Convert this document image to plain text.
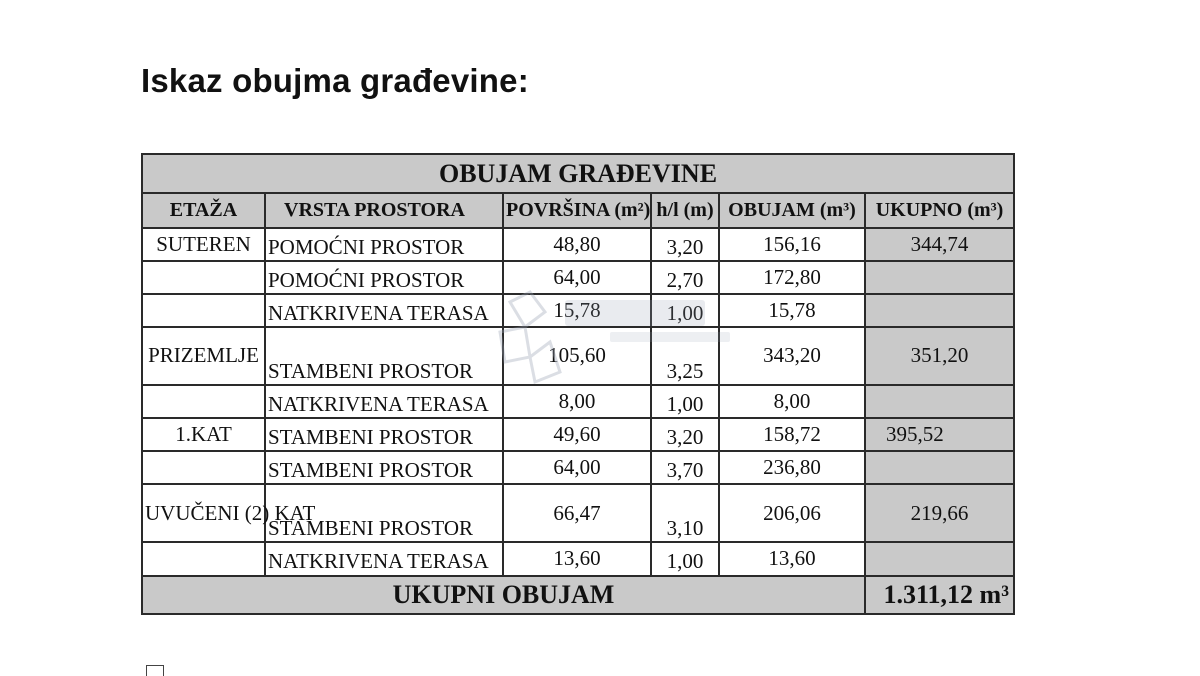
Iskaz obujma građevine:
OBUJAM GRAĐEVINE					
ETAŽA	VRSTA PROSTORA	POVRŠINA (m²)	h/l (m)	OBUJAM (m³)	UKUPNO (m³)
SUTEREN	POMOĆNI PROSTOR	48,80	3,20	156,16	344,74
	POMOĆNI PROSTOR	64,00	2,70	172,80	
	NATKRIVENA TERASA	15,78	1,00	15,78	
PRIZEMLJE	STAMBENI PROSTOR	105,60	3,25	343,20	351,20
	NATKRIVENA TERASA	8,00	1,00	8,00	
1.KAT	STAMBENI PROSTOR	49,60	3,20	158,72	395,52
	STAMBENI PROSTOR	64,00	3,70	236,80	
UVUČENI (2) KAT	STAMBENI PROSTOR	66,47	3,10	206,06	219,66
	NATKRIVENA TERASA	13,60	1,00	13,60	
UKUPNI OBUJAM					1.311,12 m³
